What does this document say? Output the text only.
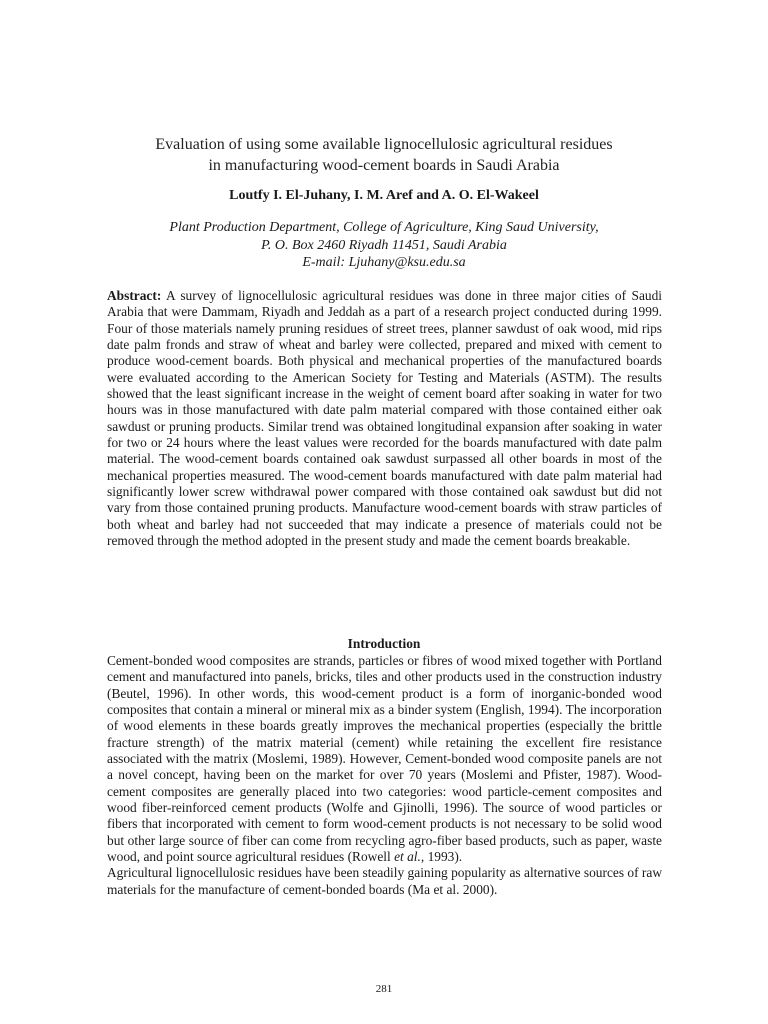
Evaluation of using some available lignocellulosic agricultural residues
in manufacturing wood-cement boards in Saudi Arabia
Loutfy I. El-Juhany, I. M. Aref and A. O. El-Wakeel
Plant Production Department, College of Agriculture, King Saud University,
P. O. Box 2460 Riyadh 11451, Saudi Arabia
E-mail: Ljuhany@ksu.edu.sa
Abstract: A survey of lignocellulosic agricultural residues was done in three major cities of Saudi Arabia that were Dammam, Riyadh and Jeddah as a part of a research project conducted during 1999. Four of those materials namely pruning residues of street trees, planner sawdust of oak wood, mid rips date palm fronds and straw of wheat and barley were collected, prepared and mixed with cement to produce wood-cement boards. Both physical and mechanical properties of the manufactured boards were evaluated according to the American Society for Testing and Materials (ASTM). The results showed that the least significant increase in the weight of cement board after soaking in water for two hours was in those manufactured with date palm material compared with those contained either oak sawdust or pruning products. Similar trend was obtained longitudinal expansion after soaking in water for two or 24 hours where the least values were recorded for the boards manufactured with date palm material. The wood-cement boards contained oak sawdust surpassed all other boards in most of the mechanical properties measured. The wood-cement boards manufactured with date palm material had significantly lower screw withdrawal power compared with those contained oak sawdust but did not vary from those contained pruning products. Manufacture wood-cement boards with straw particles of both wheat and barley had not succeeded that may indicate a presence of materials could not be removed through the method adopted in the present study and made the cement boards breakable.
Introduction

Cement-bonded wood composites are strands, particles or fibres of wood mixed together with Portland cement and manufactured into panels, bricks, tiles and other products used in the construction industry (Beutel, 1996). In other words, this wood-cement product is a form of inorganic-bonded wood composites that contain a mineral or mineral mix as a binder system (English, 1994). The incorporation of wood elements in these boards greatly improves the mechanical properties (especially the brittle fracture strength) of the matrix material (cement) while retaining the excellent fire resistance associated with the matrix (Moslemi, 1989). However, Cement-bonded wood composite panels are not a novel concept, having been on the market for over 70 years (Moslemi and Pfister, 1987). Wood-cement composites are generally placed into two categories: wood particle-cement composites and wood fiber-reinforced cement products (Wolfe and Gjinolli, 1996). The source of wood particles or fibers that incorporated with cement to form wood-cement products is not necessary to be solid wood but other large source of fiber can come from recycling agro-fiber based products, such as paper, waste wood, and point source agricultural residues (Rowell et al., 1993).

Agricultural lignocellulosic residues have been steadily gaining popularity as alternative sources of raw materials for the manufacture of cement-bonded boards (Ma et al. 2000).

281
